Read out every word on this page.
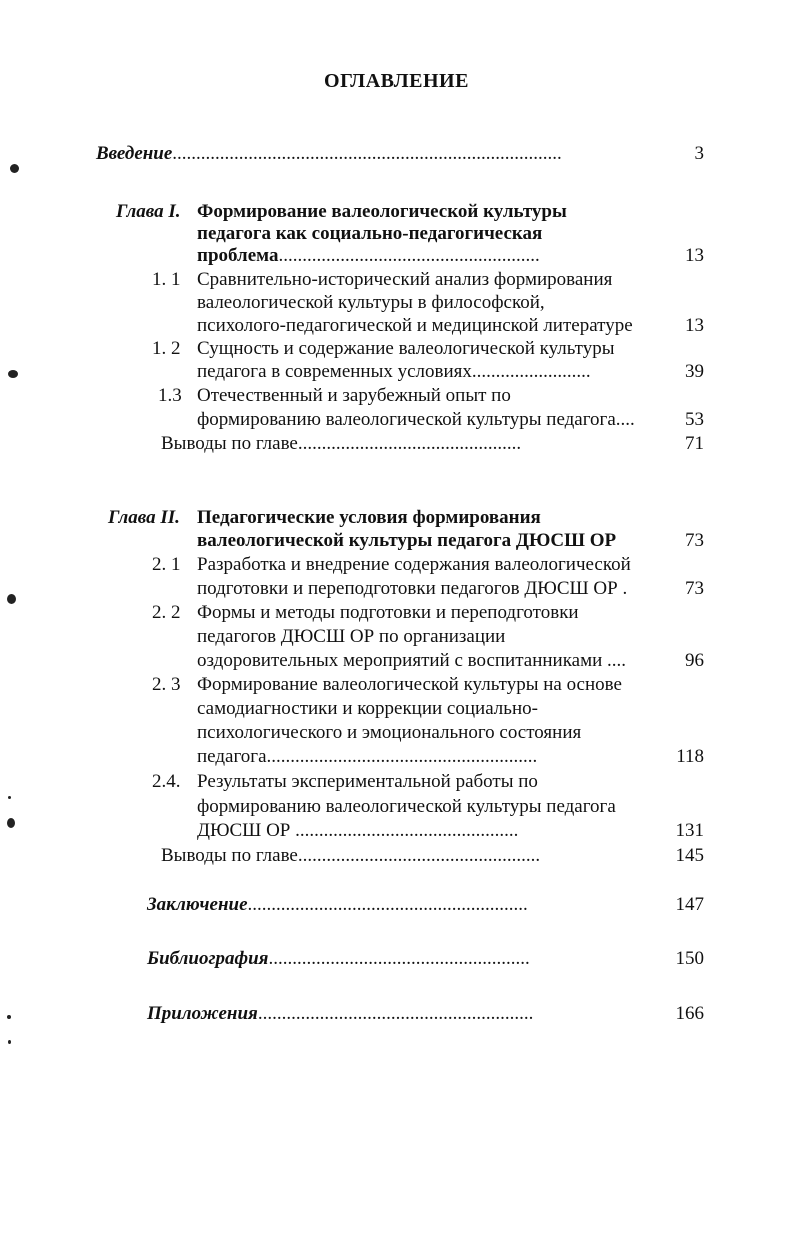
ОГЛАВЛЕНИЕ
Введение..................................................................................	3
Глава I. Формирование валеологической культуры
педагога как социально-педагогическая
проблема.......................................................	13
1. 1 Сравнительно-исторический анализ формирования
валеологической культуры в философской,
психолого-педагогической и медицинской литературе	13
1. 2 Сущность и содержание валеологической культуры
педагога в современных условиях.........................	39
1.3 Отечественный и зарубежный опыт по
формированию валеологической культуры педагога....	53
Выводы по главе...............................................	71
Глава II. Педагогические условия формирования
валеологической культуры педагога ДЮСШ ОР	73
2. 1 Разработка и внедрение содержания валеологической
подготовки и переподготовки педагогов ДЮСШ ОР .	73
2. 2 Формы и методы подготовки и переподготовки
педагогов ДЮСШ ОР по организации
оздоровительных мероприятий с воспитанниками ....	96
2. 3 Формирование валеологической культуры на основе
самодиагностики и коррекции социально-
психологического и эмоционального состояния
педагога.........................................................	118
2.4. Результаты экспериментальной работы по
формированию валеологической культуры педагога
ДЮСШ ОР ...............................................	131
Выводы по главе...................................................	145
Заключение...........................................................	147
Библиография.......................................................	150
Приложения..........................................................	166
